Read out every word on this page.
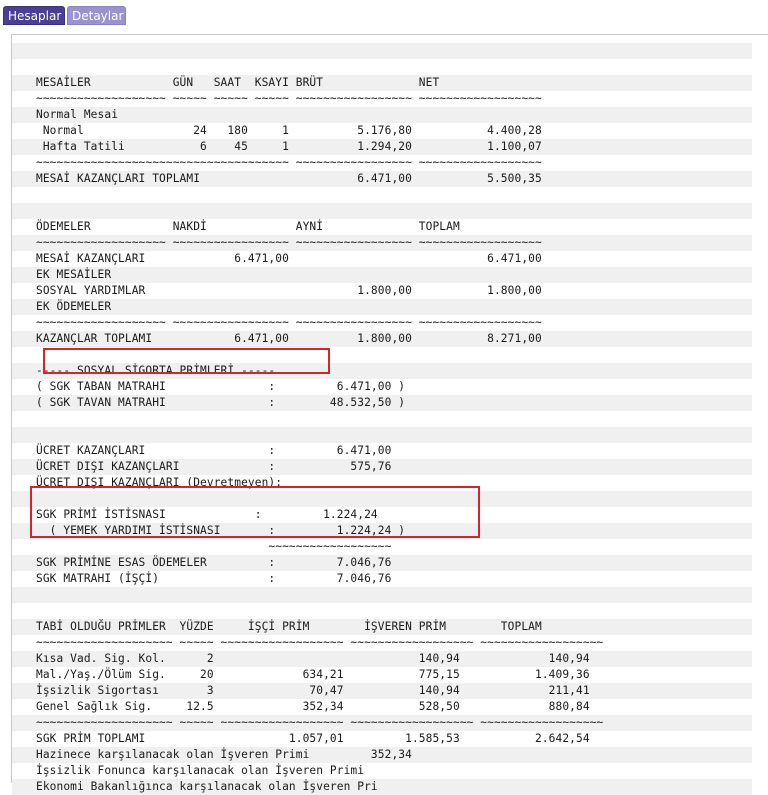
Hesaplar Detaylar
MESAİLER            GÜN   SAAT  KSAYI BRÜT              NET
~~~~~~~~~~~~~~~~~~~ ~~~~~ ~~~~~ ~~~~~ ~~~~~~~~~~~~~~~~~ ~~~~~~~~~~~~~~~~~~
Normal Mesai
Normal                24   180     1          5.176,80           4.400,28
Hafta Tatili           6    45     1          1.294,20           1.100,07
~~~~~~~~~~~~~~~~~~~~~~~~~~~~~~~~~~~~~ ~~~~~~~~~~~~~~~~~ ~~~~~~~~~~~~~~~~~~
MESAİ KAZANÇLARI TOPLAMI                       6.471,00           5.500,35
ÖDEMELER            NAKDİ             AYNİ              TOPLAM
~~~~~~~~~~~~~~~~~~~ ~~~~~~~~~~~~~~~~~ ~~~~~~~~~~~~~~~~~ ~~~~~~~~~~~~~~~~~~
MESAİ KAZANÇLARI             6.471,00                             6.471,00
EK MESAİLER
SOSYAL YARDIMLAR                               1.800,00           1.800,00
EK ÖDEMELER
~~~~~~~~~~~~~~~~~~~ ~~~~~~~~~~~~~~~~~ ~~~~~~~~~~~~~~~~~ ~~~~~~~~~~~~~~~~~~
KAZANÇLAR TOPLAMI            6.471,00          1.800,00           8.271,00
----- SOSYAL SİGORTA PRİMLERİ -----
( SGK TABAN MATRAHI               :         6.471,00 )
( SGK TAVAN MATRAHI               :        48.532,50 )
ÜCRET KAZANÇLARI                  :         6.471,00
ÜCRET DIŞI KAZANÇLARI             :           575,76
ÜCRET DIŞI KAZANÇLARI (Devretmeyen):
SGK PRİMİ İSTİSNASI             :         1.224,24
( YEMEK YARDIMI İSTİSNASI       :         1.224,24 )
~~~~~~~~~~~~~~~~~~
SGK PRİMİNE ESAS ÖDEMELER         :         7.046,76
SGK MATRAHI (İŞÇİ)                :         7.046,76
TABİ OLDUĞU PRİMLER  YÜZDE     İŞÇİ PRİM        İŞVEREN PRİM        TOPLAM
~~~~~~~~~~~~~~~~~~~~ ~~~~~ ~~~~~~~~~~~~~~~~~~ ~~~~~~~~~~~~~~~~~~ ~~~~~~~~~~~~~~~~~~
Kısa Vad. Sig. Kol.      2                              140,94             140,94
Mal./Yaş./Ölüm Sig.     20             634,21           775,15           1.409,36
İşsizlik Sigortası       3              70,47           140,94             211,41
Genel Sağlık Sig.     12.5             352,34           528,50             880,84
~~~~~~~~~~~~~~~~~~~~ ~~~~~ ~~~~~~~~~~~~~~~~~~ ~~~~~~~~~~~~~~~~~~ ~~~~~~~~~~~~~~~~~~
SGK PRİM TOPLAMI                     1.057,01         1.585,53           2.642,54
Hazinece karşılanacak olan İşveren Primi         352,34
İşsizlik Fonunca karşılanacak olan İşveren Primi
Ekonomi Bakanlığınca karşılanacak olan İşveren Pri
